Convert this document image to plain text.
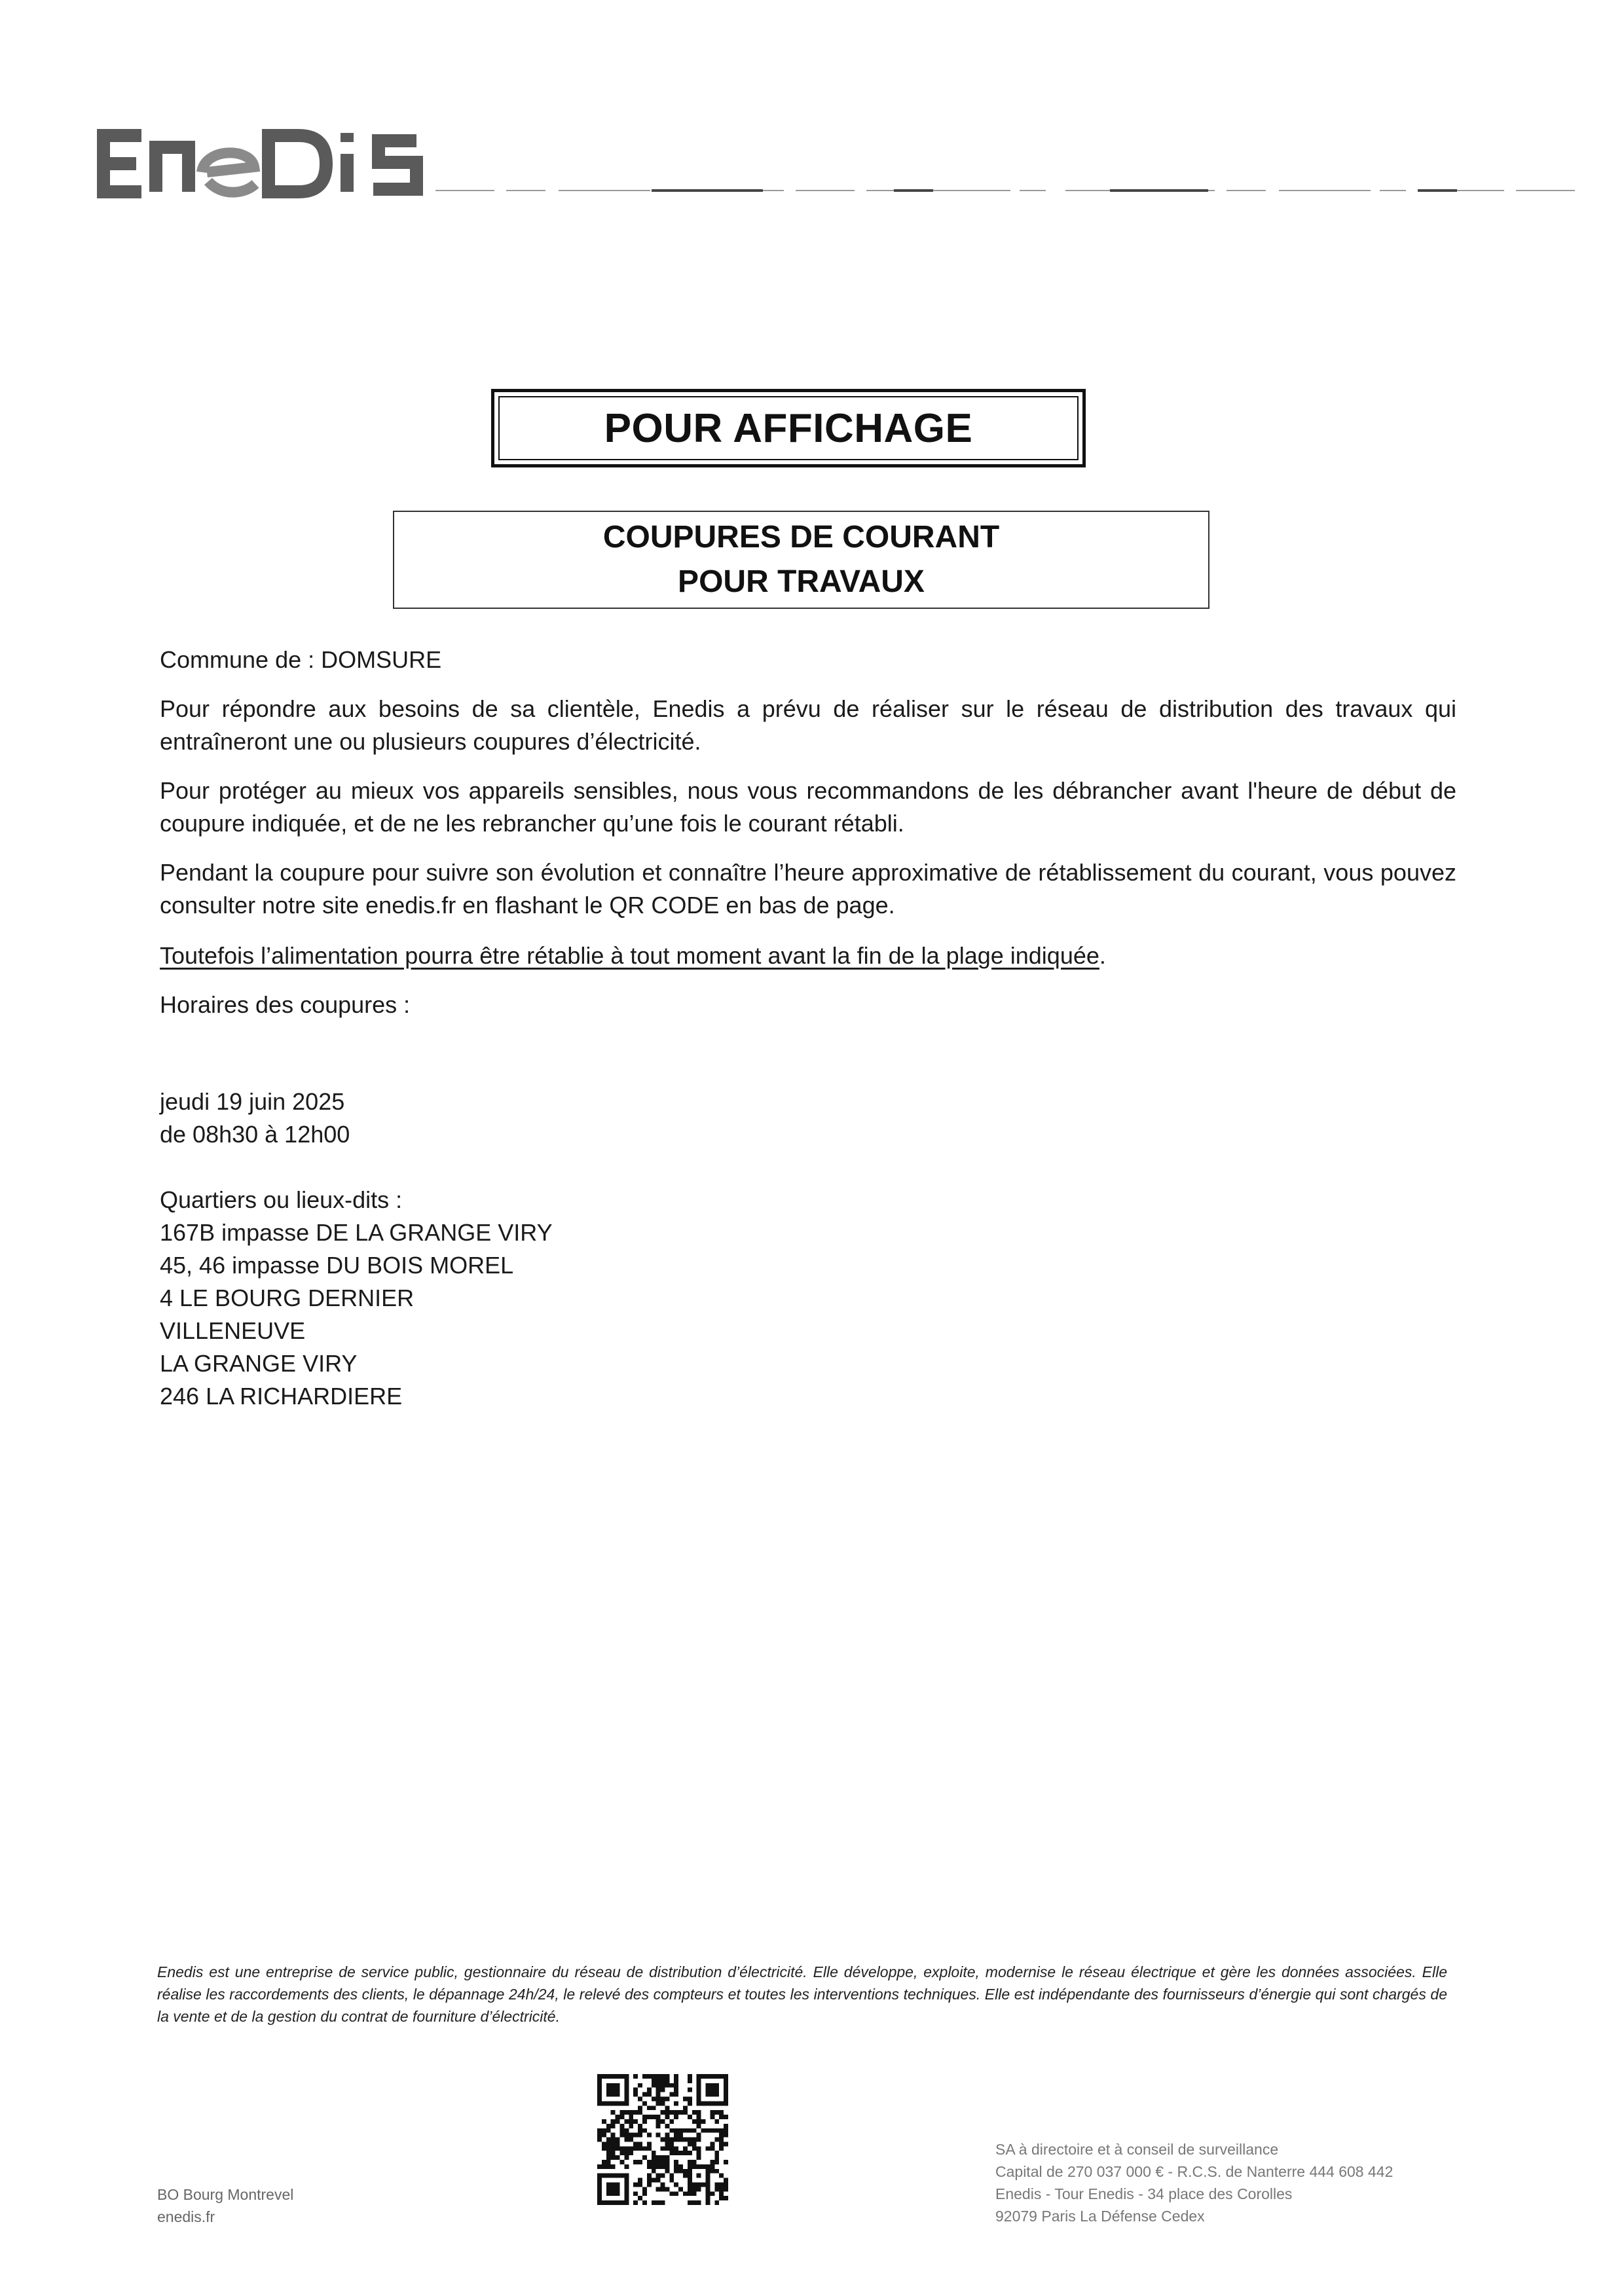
POUR AFFICHAGE
COUPURES DE COURANT
POUR TRAVAUX
Commune de : DOMSURE
Pour répondre aux besoins de sa clientèle, Enedis a prévu de réaliser sur le réseau de distribution des travaux qui entraîneront une ou plusieurs coupures d’électricité.
Pour protéger au mieux vos appareils sensibles, nous vous recommandons de les débrancher avant l'heure de début de coupure indiquée, et de ne les rebrancher qu’une fois le courant rétabli.
Pendant la coupure pour suivre son évolution et connaître l’heure approximative de rétablissement du courant, vous pouvez consulter notre site enedis.fr en flashant le QR CODE en bas de page.
Toutefois l’alimentation pourra être rétablie à tout moment avant la fin de la plage indiquée.
Horaires des coupures :
jeudi 19 juin 2025
de 08h30 à 12h00
Quartiers ou lieux-dits :
167B impasse DE LA GRANGE VIRY
45, 46 impasse DU BOIS MOREL
4 LE BOURG DERNIER
VILLENEUVE
LA GRANGE VIRY
246 LA RICHARDIERE
Enedis est une entreprise de service public, gestionnaire du réseau de distribution d’électricité. Elle développe, exploite, modernise le réseau électrique et gère les données associées. Elle réalise les raccordements des clients, le dépannage 24h/24, le relevé des compteurs et toutes les interventions techniques. Elle est indépendante des fournisseurs d’énergie qui sont chargés de la vente et de la gestion du contrat de fourniture d’électricité.
BO Bourg Montrevel
enedis.fr
SA à directoire et à conseil de surveillance
Capital de 270 037 000 € - R.C.S. de Nanterre 444 608 442
Enedis - Tour Enedis - 34 place des Corolles
92079 Paris La Défense Cedex
